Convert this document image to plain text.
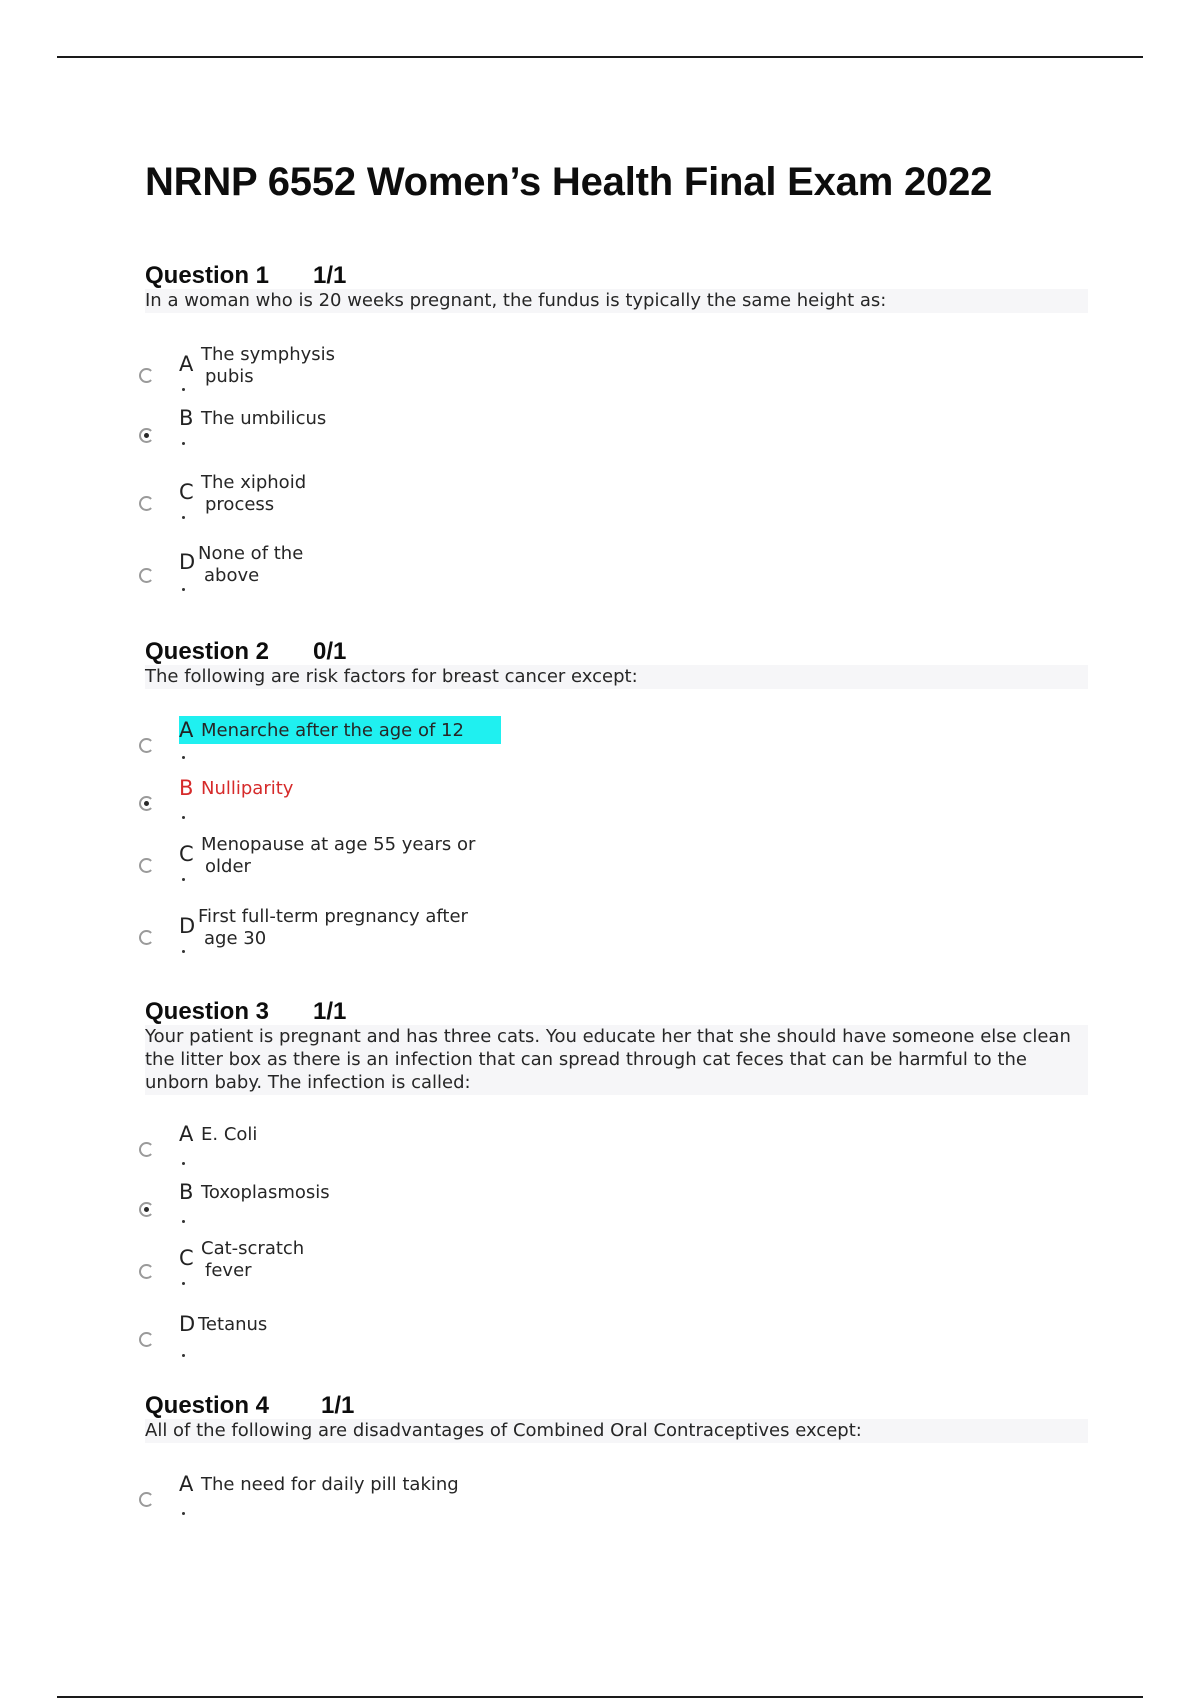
NRNP 6552 Women’s Health Final Exam 2022
Question 1 1/1
In a woman who is 20 weeks pregnant, the fundus is typically the same height as:
A The symphysis
pubis
B The umbilicus
C The xiphoid
process
D None of the
above
Question 2 0/1
The following are risk factors for breast cancer except:
A Menarche after the age of 12
B Nulliparity
C Menopause at age 55 years or
older
D First full-term pregnancy after
age 30
Question 3 1/1
Your patient is pregnant and has three cats. You educate her that she should have someone else clean the litter box as there is an infection that can spread through cat feces that can be harmful to the unborn baby. The infection is called:
A E. Coli
B Toxoplasmosis
C Cat-scratch
fever
D Tetanus
Question 4 1/1
All of the following are disadvantages of Combined Oral Contraceptives except:
A The need for daily pill taking
